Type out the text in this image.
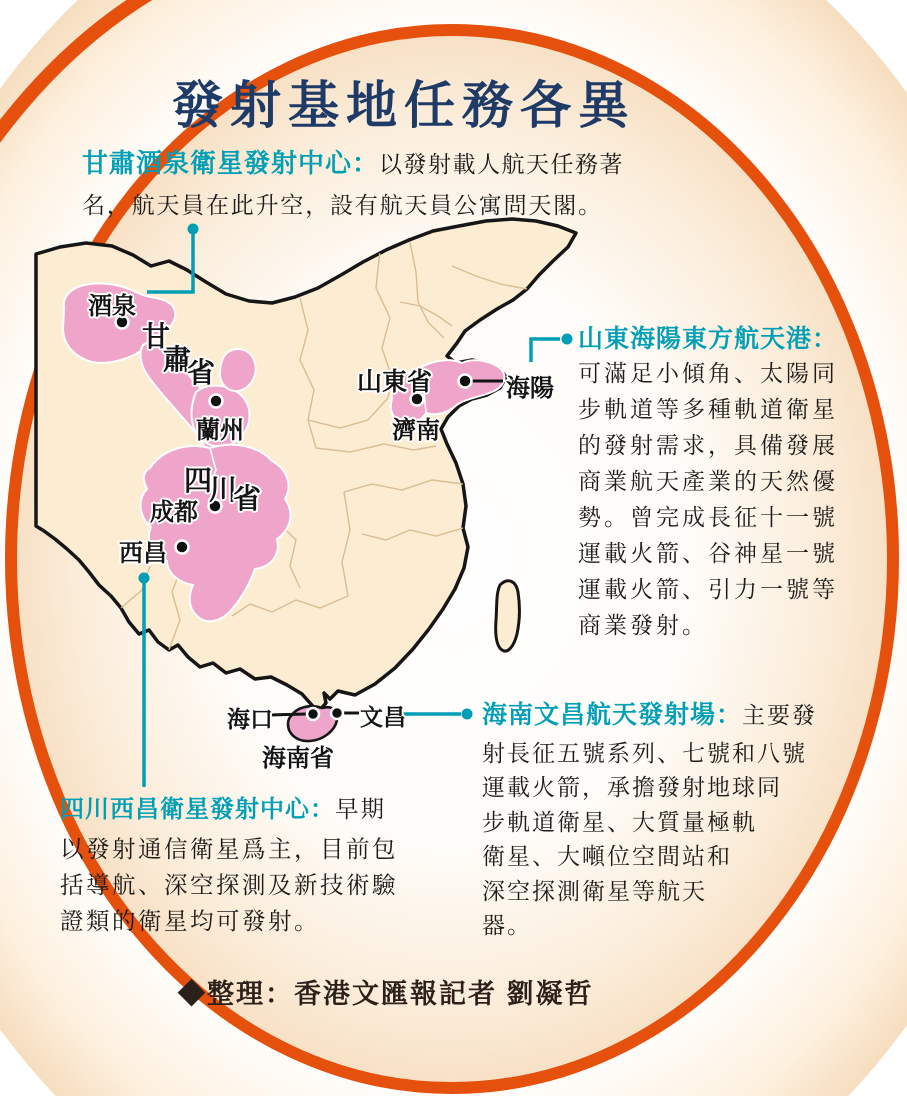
發射基地任務各異
甘肅酒泉衛星發射中心：以發射載人航天任務著
名，航天員在此升空，設有航天員公寓問天閣。
山東海陽東方航天港：
可滿足小傾角、太陽同
步軌道等多種軌道衛星
的發射需求，具備發展
商業航天產業的天然優
勢。曾完成長征十一號
運載火箭、谷神星一號
運載火箭、引力一號等
商業發射。
海南文昌航天發射場：主要發
射長征五號系列、七號和八號
運載火箭，承擔發射地球同
步軌道衛星、大質量極軌
衛星、大噸位空間站和
深空探測衛星等航天
器。
四川西昌衛星發射中心：早期
以發射通信衛星爲主，目前包
括導航、深空探測及新技術驗
證類的衛星均可發射。
酒泉
甘
肅
省
蘭州
四
川
省
成都
西昌
山東省
濟南
海陽
海口	文昌
海南省
◆整理：香港文匯報記者 劉凝哲
